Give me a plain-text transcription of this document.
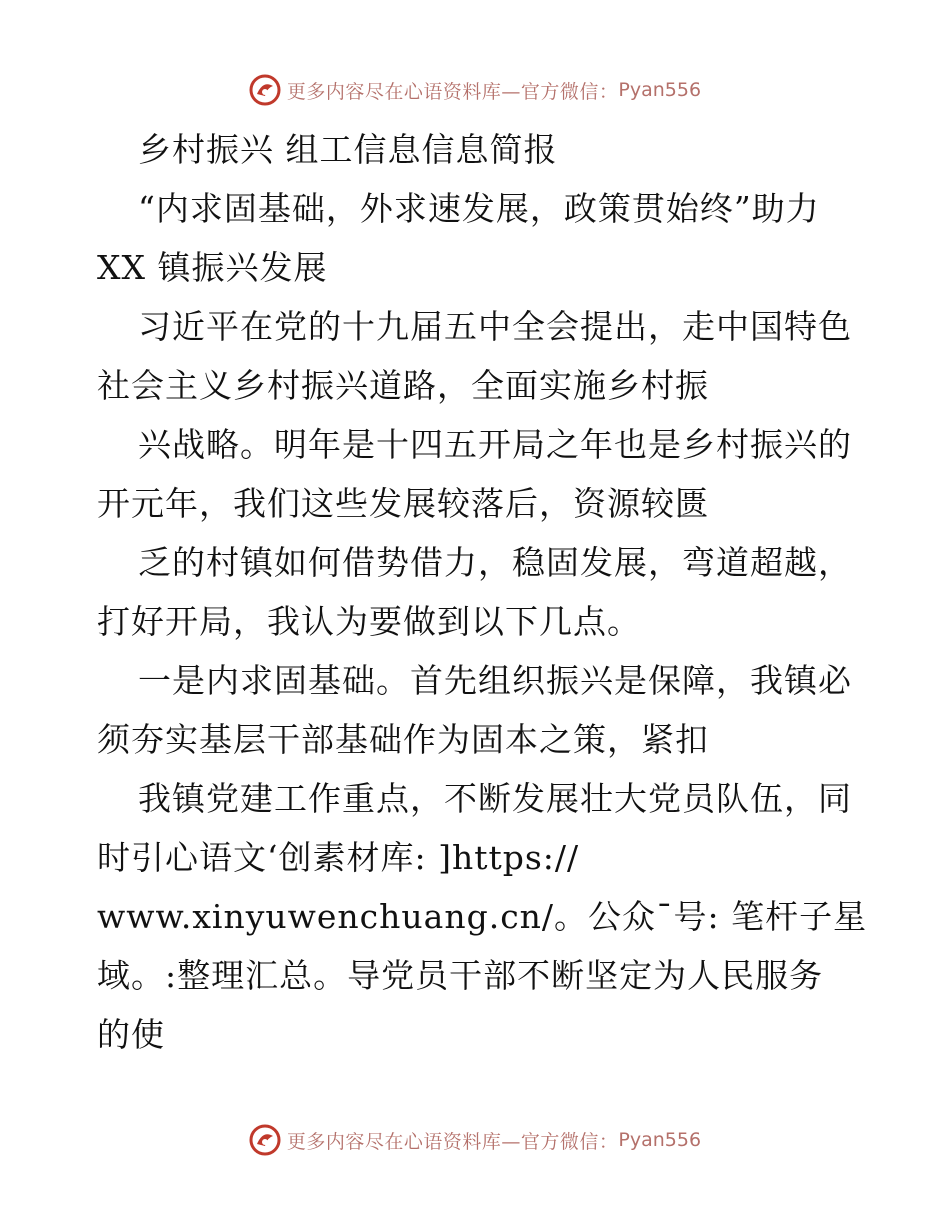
更多内容尽在心语资料库—官方微信： Pyan556
乡村振兴 组工信息信息简报
“内求固基础，外求速发展，政策贯始终”助力
XX 镇振兴发展
习近平在党的十九届五中全会提出，走中国特色
社会主义乡村振兴道路，全面实施乡村振
兴战略。明年是十四五开局之年也是乡村振兴的
开元年，我们这些发展较落后，资源较匮
乏的村镇如何借势借力，稳固发展，弯道超越，
打好开局，我认为要做到以下几点。
一是内求固基础。首先组织振兴是保障，我镇必
须夯实基层干部基础作为固本之策，紧扣
我镇党建工作重点，不断发展壮大党员队伍，同
时引心语文‘创素材库: ]https://
www.xinyuwenchuang.cn/。公众¯号: 笔杆子星
域。:整理汇总。导党员干部不断坚定为人民服务
的使
更多内容尽在心语资料库—官方微信： Pyan556
